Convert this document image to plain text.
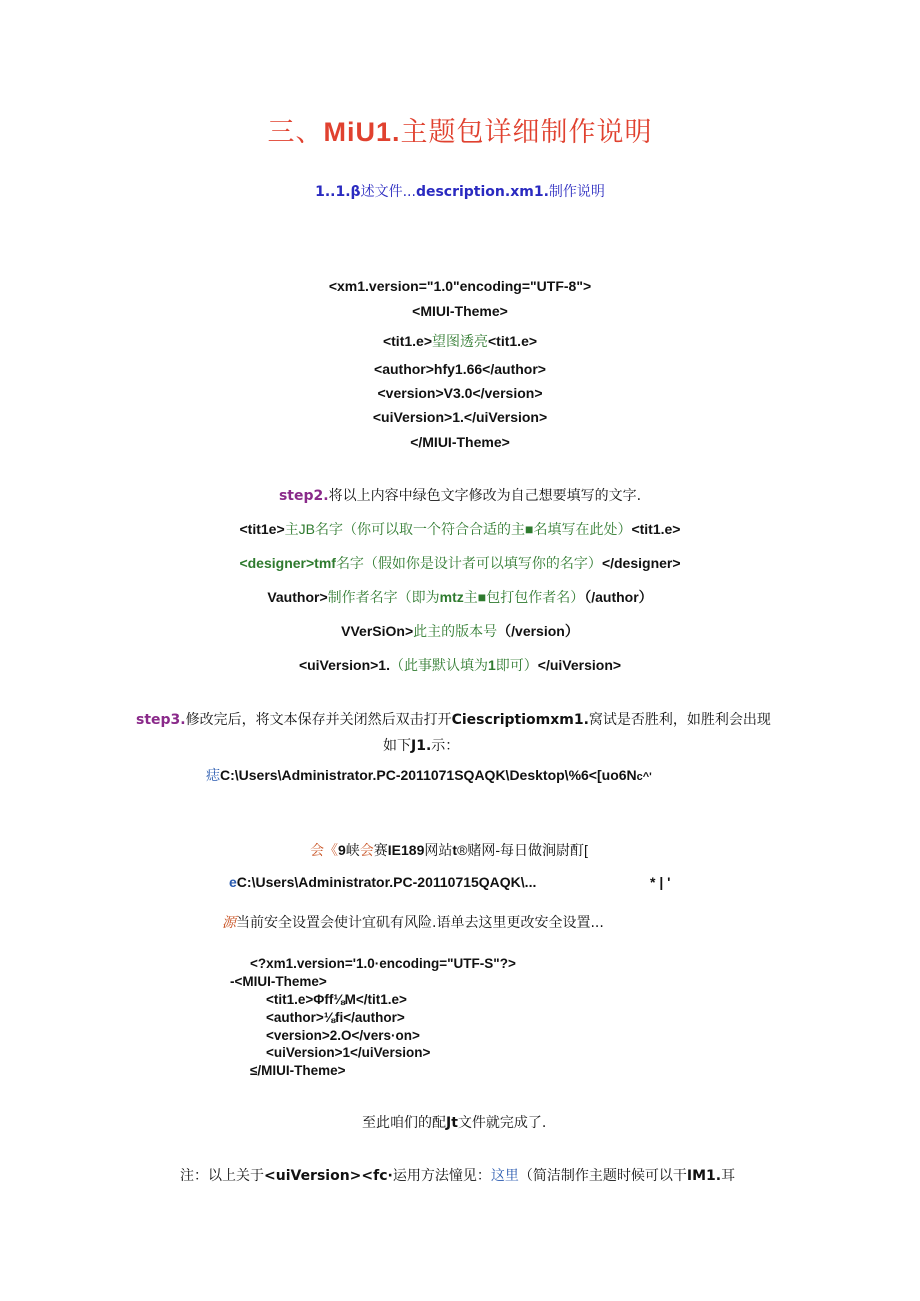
三、MiU1.主题包详细制作说明
1..1.β述文件...description.xm1.制作说明
<xm1.version="1.0"encoding="UTF-8">
<MIUI-Theme>
<tit1.e>望图透亮<tit1.e>
<author>hfy1.66</author>
<version>V3.0</version>
<uiVersion>1.</uiVersion>
</MIUI-Theme>
step2.将以上内容中绿色文字修改为自己想要填写的文字.
<tit1e>主JB名字（你可以取一个符合合适的主■名填写在此处）<tit1.e>
<designer>tmf名字（假如你是设计者可以填写你的名字）</designer>
Vauthor>制作者名字（即为mtz主■包打包作者名）（/author）
VVerSiOn>此主的版本号（/version）
<uiVersion>1.（此事默认填为1即可）</uiVersion>
step3.修改完后，将文本保存并关闭然后双击打开Ciescriptiomxm1.窝试是否胜利，如胜利会出现
如下J1.示：
痣C:\Users\Administrator.PC-2011071SQAQK\Desktop\%6<[uo6Nc^'
会《9峡会赛IE189网站t®赌网-每日做涧尉酊[
eC:\Users\Administrator.PC-20110715QAQK\...	* | '
源当前安全设置会使计宜矶有风险.语单去这里更改安全设置...
<?xm1.version='1.0·encoding="UTF-S"?>
-<MIUI-Theme>
<tit1.e>Φff⅛M</tit1.e>
<author>⅛fi</author>
<version>2.O</vers·on>
<uiVersion>1</uiVersion>
≤/MIUI-Theme>
至此咱们的配Jt文件就完成了.
注：以上关于<uiVersion><fc·运用方法憧见：这里（简洁制作主题时候可以干IM1.耳
